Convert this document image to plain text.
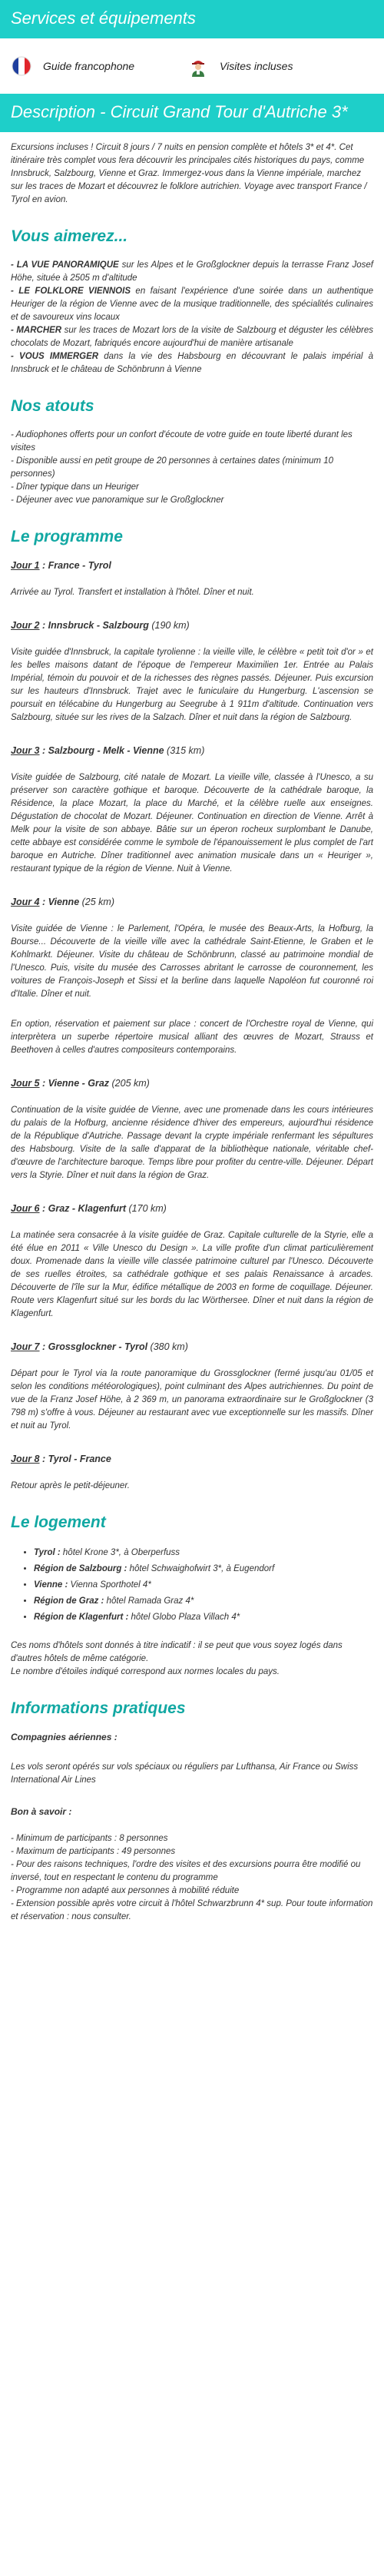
Services et équipements
Guide francophone	Visites incluses
Description - Circuit Grand Tour d'Autriche 3*

Excursions incluses ! Circuit 8 jours / 7 nuits en pension complète et hôtels 3* et 4*. Cet itinéraire très complet vous fera découvrir les principales cités historiques du pays, comme Innsbruck, Salzbourg, Vienne et Graz. Immergez-vous dans la Vienne impériale, marchez sur les traces de Mozart et découvrez le folklore autrichien. Voyage avec transport France / Tyrol en avion.

Vous aimerez...

- LA VUE PANORAMIQUE sur les Alpes et le Großglockner depuis la terrasse Franz Josef Höhe, située à 2505 m d'altitude

- LE FOLKLORE VIENNOIS en faisant l'expérience d'une soirée dans un authentique Heuriger de la région de Vienne avec de la musique traditionnelle, des spécialités culinaires et de savoureux vins locaux

- MARCHER sur les traces de Mozart lors de la visite de Salzbourg et déguster les célèbres chocolats de Mozart, fabriqués encore aujourd'hui de manière artisanale

- VOUS IMMERGER dans la vie des Habsbourg en découvrant le palais impérial à Innsbruck et le château de Schönbrunn à Vienne

Nos atouts

- Audiophones offerts pour un confort d'écoute de votre guide en toute liberté durant les visites

- Disponible aussi en petit groupe de 20 personnes à certaines dates (minimum 10 personnes)

- Dîner typique dans un Heuriger

- Déjeuner avec vue panoramique sur le Großglockner

Le programme
Jour 1 : France - Tyrol

Arrivée au Tyrol. Transfert et installation à l'hôtel. Dîner et nuit.

Jour 2 : Innsbruck - Salzbourg (190 km)

Visite guidée d'Innsbruck, la capitale tyrolienne : la vieille ville, le célèbre « petit toit d'or » et les belles maisons datant de l'époque de l'empereur Maximilien 1er. Entrée au Palais Impérial, témoin du pouvoir et de la richesses des règnes passés. Déjeuner. Puis excursion sur les hauteurs d'Innsbruck. Trajet avec le funiculaire du Hungerburg. L'ascension se poursuit en télécabine du Hungerburg au Seegrube à 1 911m d'altitude. Continuation vers Salzbourg, située sur les rives de la Salzach. Dîner et nuit dans la région de Salzbourg.

Jour 3 : Salzbourg - Melk - Vienne (315 km)

Visite guidée de Salzbourg, cité natale de Mozart. La vieille ville, classée à l'Unesco, a su préserver son caractère gothique et baroque. Découverte de la cathédrale baroque, la Résidence, la place Mozart, la place du Marché, et la célèbre ruelle aux enseignes. Dégustation de chocolat de Mozart. Déjeuner. Continuation en direction de Vienne. Arrêt à Melk pour la visite de son abbaye. Bâtie sur un éperon rocheux surplombant le Danube, cette abbaye est considérée comme le symbole de l'épanouissement le plus complet de l'art baroque en Autriche. Dîner traditionnel avec animation musicale dans un « Heuriger », restaurant typique de la région de Vienne. Nuit à Vienne.

Jour 4 : Vienne (25 km)

Visite guidée de Vienne : le Parlement, l'Opéra, le musée des Beaux-Arts, la Hofburg, la Bourse... Découverte de la vieille ville avec la cathédrale Saint-Etienne, le Graben et le Kohlmarkt. Déjeuner. Visite du château de Schönbrunn, classé au patrimoine mondial de l'Unesco. Puis, visite du musée des Carrosses abritant le carrosse de couronnement, les voitures de François-Joseph et Sissi et la berline dans laquelle Napoléon fut couronné roi d'Italie. Dîner et nuit.

En option, réservation et paiement sur place : concert de l'Orchestre royal de Vienne, qui interprètera un superbe répertoire musical alliant des œuvres de Mozart, Strauss et Beethoven à celles d'autres compositeurs contemporains.

Jour 5 : Vienne - Graz (205 km)

Continuation de la visite guidée de Vienne, avec une promenade dans les cours intérieures du palais de la Hofburg, ancienne résidence d'hiver des empereurs, aujourd'hui résidence de la République d'Autriche. Passage devant la crypte impériale renfermant les sépultures des Habsbourg. Visite de la salle d'apparat de la bibliothèque nationale, véritable chef-d'œuvre de l'architecture baroque. Temps libre pour profiter du centre-ville. Déjeuner. Départ vers la Styrie. Dîner et nuit dans la région de Graz.

Jour 6 : Graz - Klagenfurt (170 km)

La matinée sera consacrée à la visite guidée de Graz. Capitale culturelle de la Styrie, elle a été élue en 2011 « Ville Unesco du Design ». La ville profite d'un climat particulièrement doux. Promenade dans la vieille ville classée patrimoine culturel par l'Unesco. Découverte de ses ruelles étroites, sa cathédrale gothique et ses palais Renaissance à arcades. Découverte de l'île sur la Mur, édifice métallique de 2003 en forme de coquillage. Déjeuner. Route vers Klagenfurt situé sur les bords du lac Wörthersee. Dîner et nuit dans la région de Klagenfurt.

Jour 7 : Grossglockner - Tyrol (380 km)

Départ pour le Tyrol via la route panoramique du Grossglockner (fermé jusqu'au 01/05 et selon les conditions météorologiques), point culminant des Alpes autrichiennes. Du point de vue de la Franz Josef Höhe, à 2 369 m, un panorama extraordinaire sur le Großglockner (3 798 m) s'offre à vous. Déjeuner au restaurant avec vue exceptionnelle sur les massifs. Dîner et nuit au Tyrol.

Jour 8 : Tyrol - France

Retour après le petit-déjeuner.

Le logement
• Tyrol : hôtel Krone 3*, à Oberperfuss
• Région de Salzbourg : hôtel Schwaighofwirt 3*, à Eugendorf
• Vienne : Vienna Sporthotel 4*
• Région de Graz : hôtel Ramada Graz 4*
• Région de Klagenfurt : hôtel Globo Plaza Villach 4*

Ces noms d'hôtels sont donnés à titre indicatif : il se peut que vous soyez logés dans d'autres hôtels de même catégorie.

Le nombre d'étoiles indiqué correspond aux normes locales du pays.

Informations pratiques
Compagnies aériennes :

Les vols seront opérés sur vols spéciaux ou réguliers par Lufthansa, Air France ou Swiss International Air Lines

Bon à savoir :

- Minimum de participants : 8 personnes

- Maximum de participants : 49 personnes

- Pour des raisons techniques, l'ordre des visites et des excursions pourra être modifié ou inversé, tout en respectant le contenu du programme

- Programme non adapté aux personnes à mobilité réduite

- Extension possible après votre circuit à l'hôtel Schwarzbrunn 4* sup. Pour toute information et réservation : nous consulter.
